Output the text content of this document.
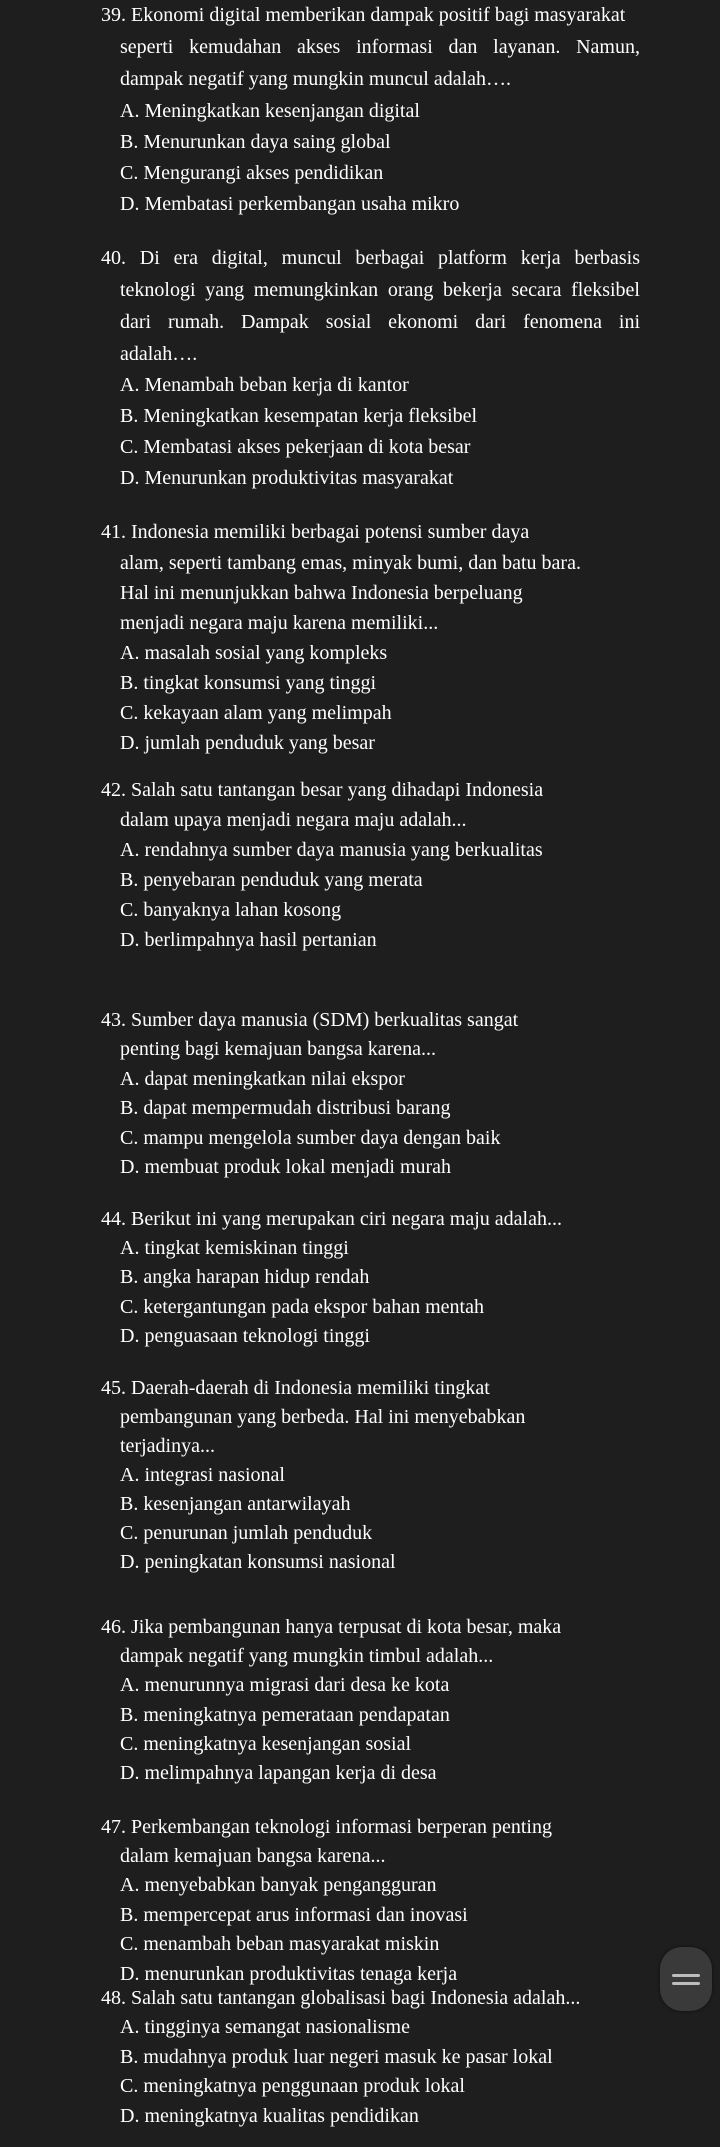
39. Ekonomi digital memberikan dampak positif bagi masyarakat
seperti kemudahan akses informasi dan layanan. Namun,
dampak negatif yang mungkin muncul adalah….
A. Meningkatkan kesenjangan digital
B. Menurunkan daya saing global
C. Mengurangi akses pendidikan
D. Membatasi perkembangan usaha mikro
40. Di era digital, muncul berbagai platform kerja berbasis
teknologi yang memungkinkan orang bekerja secara fleksibel
dari rumah. Dampak sosial ekonomi dari fenomena ini
adalah….
A. Menambah beban kerja di kantor
B. Meningkatkan kesempatan kerja fleksibel
C. Membatasi akses pekerjaan di kota besar
D. Menurunkan produktivitas masyarakat
41. Indonesia memiliki berbagai potensi sumber daya
alam, seperti tambang emas, minyak bumi, dan batu bara.
Hal ini menunjukkan bahwa Indonesia berpeluang
menjadi negara maju karena memiliki...
A. masalah sosial yang kompleks
B. tingkat konsumsi yang tinggi
C. kekayaan alam yang melimpah
D. jumlah penduduk yang besar
42. Salah satu tantangan besar yang dihadapi Indonesia
dalam upaya menjadi negara maju adalah...
A. rendahnya sumber daya manusia yang berkualitas
B. penyebaran penduduk yang merata
C. banyaknya lahan kosong
D. berlimpahnya hasil pertanian
43. Sumber daya manusia (SDM) berkualitas sangat
penting bagi kemajuan bangsa karena...
A. dapat meningkatkan nilai ekspor
B. dapat mempermudah distribusi barang
C. mampu mengelola sumber daya dengan baik
D. membuat produk lokal menjadi murah
44. Berikut ini yang merupakan ciri negara maju adalah...
A. tingkat kemiskinan tinggi
B. angka harapan hidup rendah
C. ketergantungan pada ekspor bahan mentah
D. penguasaan teknologi tinggi
45. Daerah-daerah di Indonesia memiliki tingkat
pembangunan yang berbeda. Hal ini menyebabkan
terjadinya...
A. integrasi nasional
B. kesenjangan antarwilayah
C. penurunan jumlah penduduk
D. peningkatan konsumsi nasional
46. Jika pembangunan hanya terpusat di kota besar, maka
dampak negatif yang mungkin timbul adalah...
A. menurunnya migrasi dari desa ke kota
B. meningkatnya pemerataan pendapatan
C. meningkatnya kesenjangan sosial
D. melimpahnya lapangan kerja di desa
47. Perkembangan teknologi informasi berperan penting
dalam kemajuan bangsa karena...
A. menyebabkan banyak pengangguran
B. mempercepat arus informasi dan inovasi
C. menambah beban masyarakat miskin
D. menurunkan produktivitas tenaga kerja
48. Salah satu tantangan globalisasi bagi Indonesia adalah...
A. tingginya semangat nasionalisme
B. mudahnya produk luar negeri masuk ke pasar lokal
C. meningkatnya penggunaan produk lokal
D. meningkatnya kualitas pendidikan
